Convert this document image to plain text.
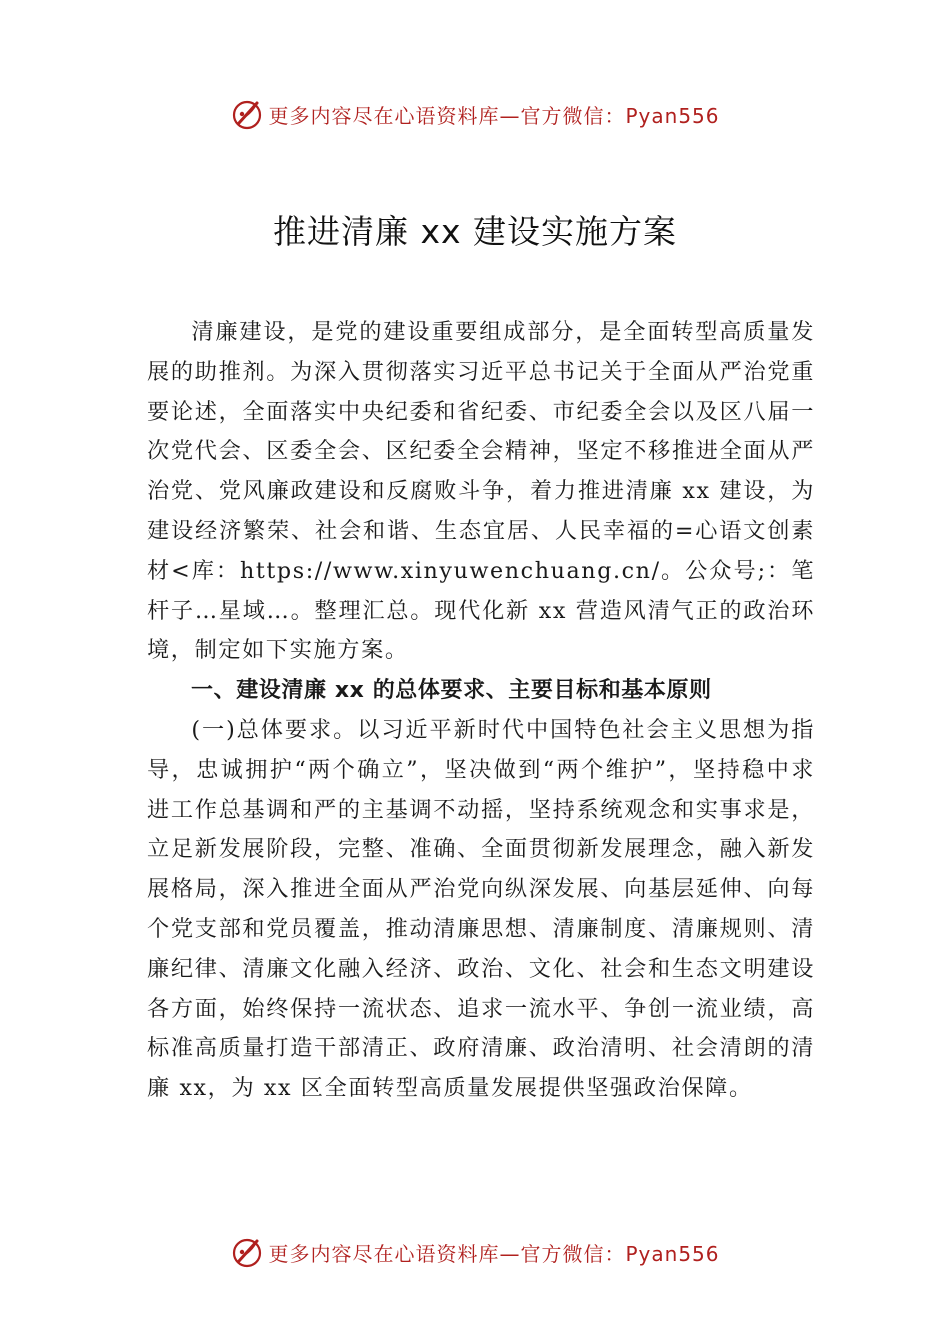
更多内容尽在心语资料库—官方微信：Pyan556
推进清廉 xx 建设实施方案

清廉建设，是党的建设重要组成部分，是全面转型高质量发展的助推剂。为深入贯彻落实习近平总书记关于全面从严治党重要论述，全面落实中央纪委和省纪委、市纪委全会以及区八届一次党代会、区委全会、区纪委全会精神，坚定不移推进全面从严治党、党风廉政建设和反腐败斗争，着力推进清廉 xx 建设，为建设经济繁荣、社会和谐、生态宜居、人民幸福的=心语文创素材<库：https://www.xinyuwenchuang.cn/。公众号;：笔杆子…星域…。整理汇总。现代化新 xx 营造风清气正的政治环境，制定如下实施方案。

一、建设清廉 xx 的总体要求、主要目标和基本原则

(一)总体要求。以习近平新时代中国特色社会主义思想为指导，忠诚拥护“两个确立”，坚决做到“两个维护”，坚持稳中求进工作总基调和严的主基调不动摇，坚持系统观念和实事求是，立足新发展阶段，完整、准确、全面贯彻新发展理念，融入新发展格局，深入推进全面从严治党向纵深发展、向基层延伸、向每个党支部和党员覆盖，推动清廉思想、清廉制度、清廉规则、清廉纪律、清廉文化融入经济、政治、文化、社会和生态文明建设各方面，始终保持一流状态、追求一流水平、争创一流业绩，高标准高质量打造干部清正、政府清廉、政治清明、社会清朗的清廉 xx，为 xx 区全面转型高质量发展提供坚强政治保障。

更多内容尽在心语资料库—官方微信：Pyan556
